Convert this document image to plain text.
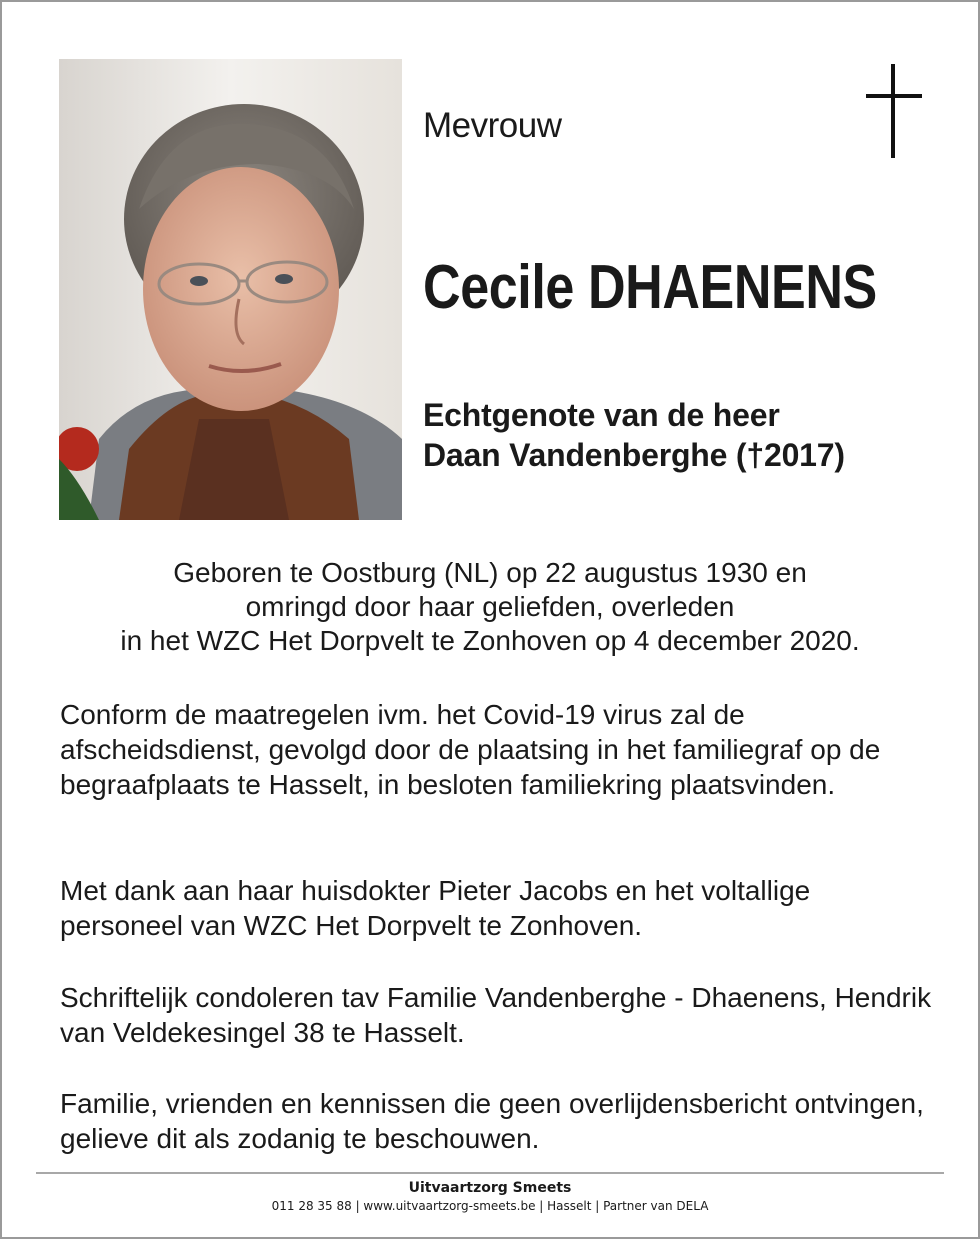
Mevrouw
Cecile DHAENENS
Echtgenote van de heer
Daan Vandenberghe (†2017)
Geboren te Oostburg (NL) op 22 augustus 1930 en
omringd door haar geliefden, overleden
in het WZC Het Dorpvelt te Zonhoven op 4 december 2020.
Conform de maatregelen ivm. het Covid-19 virus zal de afscheidsdienst, gevolgd door de plaatsing in het familiegraf op de begraafplaats te Hasselt, in besloten familiekring plaatsvinden.
Met dank aan haar huisdokter Pieter Jacobs en het voltallige personeel van WZC Het Dorpvelt te Zonhoven.
Schriftelijk condoleren tav Familie Vandenberghe - Dhaenens, Hendrik van Veldekesingel 38 te Hasselt.
Familie, vrienden en kennissen die geen overlijdensbericht ontvingen, gelieve dit als zodanig te beschouwen.
Uitvaartzorg Smeets
011 28 35 88 | www.uitvaartzorg-smeets.be | Hasselt | Partner van DELA
